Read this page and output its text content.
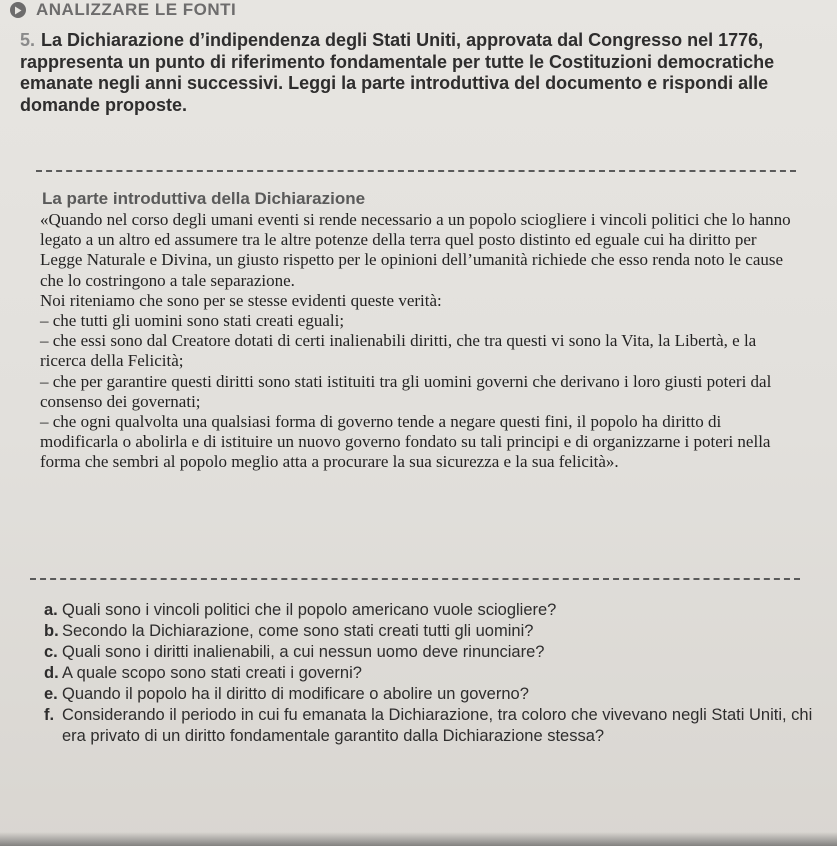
ANALIZZARE LE FONTI
5. La Dichiarazione d’indipendenza degli Stati Uniti, approvata dal Congresso nel 1776, rappresenta un punto di riferimento fondamentale per tutte le Costituzioni democratiche emanate negli anni successivi. Leggi la parte introduttiva del documento e rispondi alle domande proposte.
La parte introduttiva della Dichiarazione

«Quando nel corso degli umani eventi si rende necessario a un popolo sciogliere i vincoli politici che lo hanno legato a un altro ed assumere tra le altre potenze della terra quel posto distinto ed eguale cui ha diritto per Legge Naturale e Divina, un giusto rispetto per le opinioni dell’umanità richiede che esso renda noto le cause che lo costringono a tale separazione.

Noi riteniamo che sono per se stesse evidenti queste verità:

– che tutti gli uomini sono stati creati eguali;

– che essi sono dal Creatore dotati di certi inalienabili diritti, che tra questi vi sono la Vita, la Libertà, e la ricerca della Felicità;

– che per garantire questi diritti sono stati istituiti tra gli uomini governi che derivano i loro giusti poteri dal consenso dei governati;

– che ogni qualvolta una qualsiasi forma di governo tende a negare questi fini, il popolo ha diritto di modificarla o abolirla e di istituire un nuovo governo fondato su tali principi e di organizzarne i poteri nella forma che sembri al popolo meglio atta a procurare la sua sicurezza e la sua felicità».

a. Quali sono i vincoli politici che il popolo americano vuole sciogliere?
b. Secondo la Dichiarazione, come sono stati creati tutti gli uomini?
c. Quali sono i diritti inalienabili, a cui nessun uomo deve rinunciare?
d. A quale scopo sono stati creati i governi?
e. Quando il popolo ha il diritto di modificare o abolire un governo?
f. Considerando il periodo in cui fu emanata la Dichiarazione, tra coloro che vivevano negli Stati Uniti, chi era privato di un diritto fondamentale garantito dalla Dichiarazione stessa?
